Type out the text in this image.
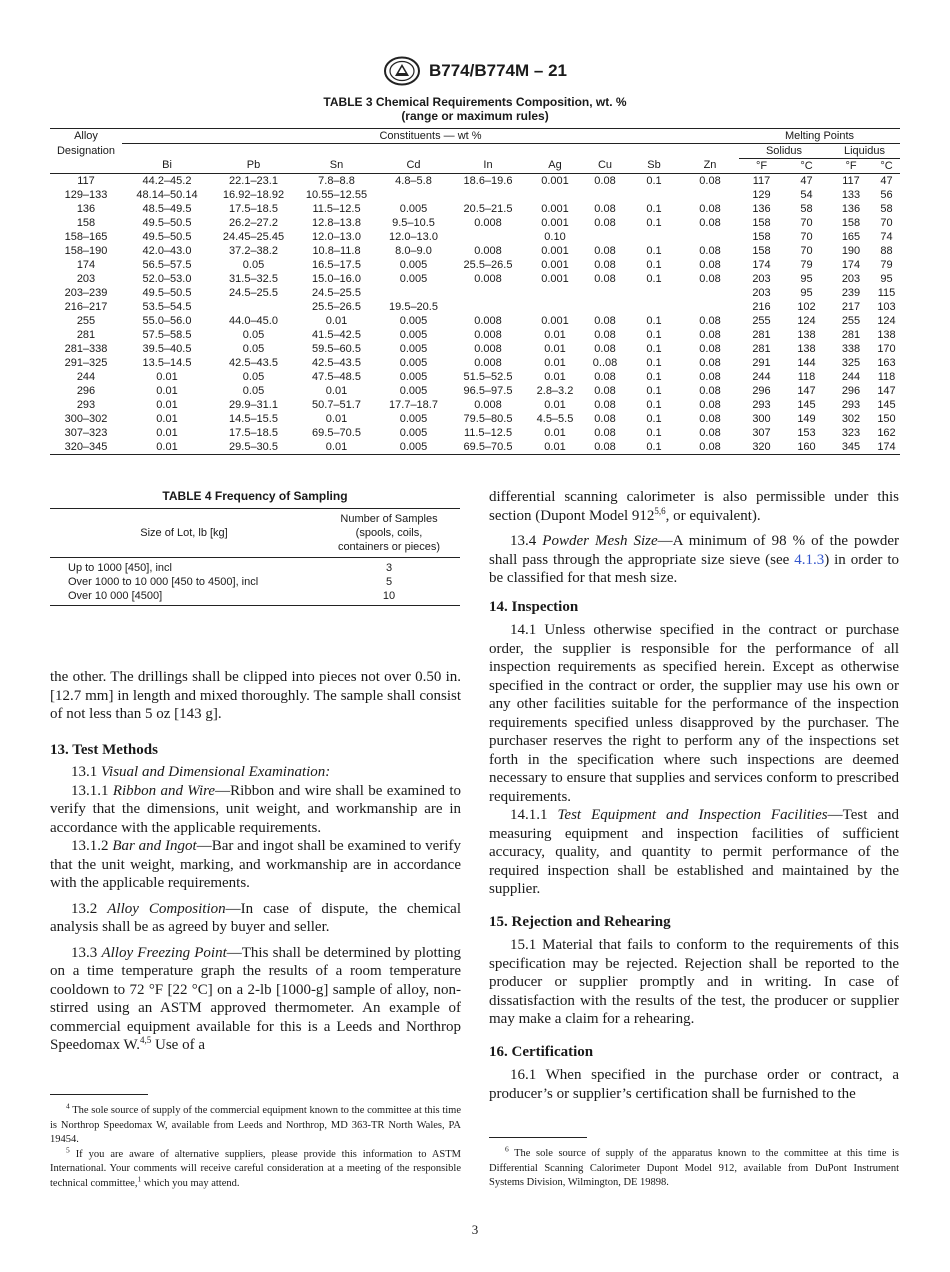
B774/B774M – 21
TABLE 3 Chemical Requirements Composition, wt. %
(range or maximum rules)
Alloy	Constituents — wt %									Melting Points			
Designation										Solidus		Liquidus	
	Bi	Pb	Sn	Cd	In	Ag	Cu	Sb	Zn	°F	°C	°F	°C
117	44.2–45.2	22.1–23.1	7.8–8.8	4.8–5.8	18.6–19.6	0.001	0.08	0.1	0.08	117	47	117	47
129–133	48.14–50.14	16.92–18.92	10.55–12.55							129	54	133	56
136	48.5–49.5	17.5–18.5	11.5–12.5	0.005	20.5–21.5	0.001	0.08	0.1	0.08	136	58	136	58
158	49.5–50.5	26.2–27.2	12.8–13.8	9.5–10.5	0.008	0.001	0.08	0.1	0.08	158	70	158	70
158–165	49.5–50.5	24.45–25.45	12.0–13.0	12.0–13.0		0.10				158	70	165	74
158–190	42.0–43.0	37.2–38.2	10.8–11.8	8.0–9.0	0.008	0.001	0.08	0.1	0.08	158	70	190	88
174	56.5–57.5	0.05	16.5–17.5	0.005	25.5–26.5	0.001	0.08	0.1	0.08	174	79	174	79
203	52.0–53.0	31.5–32.5	15.0–16.0	0.005	0.008	0.001	0.08	0.1	0.08	203	95	203	95
203–239	49.5–50.5	24.5–25.5	24.5–25.5							203	95	239	115
216–217	53.5–54.5		25.5–26.5	19.5–20.5						216	102	217	103
255	55.0–56.0	44.0–45.0	0.01	0.005	0.008	0.001	0.08	0.1	0.08	255	124	255	124
281	57.5–58.5	0.05	41.5–42.5	0.005	0.008	0.01	0.08	0.1	0.08	281	138	281	138
281–338	39.5–40.5	0.05	59.5–60.5	0.005	0.008	0.01	0.08	0.1	0.08	281	138	338	170
291–325	13.5–14.5	42.5–43.5	42.5–43.5	0.005	0.008	0.01	0..08	0.1	0.08	291	144	325	163
244	0.01	0.05	47.5–48.5	0.005	51.5–52.5	0.01	0.08	0.1	0.08	244	118	244	118
296	0.01	0.05	0.01	0.005	96.5–97.5	2.8–3.2	0.08	0.1	0.08	296	147	296	147
293	0.01	29.9–31.1	50.7–51.7	17.7–18.7	0.008	0.01	0.08	0.1	0.08	293	145	293	145
300–302	0.01	14.5–15.5	0.01	0.005	79.5–80.5	4.5–5.5	0.08	0.1	0.08	300	149	302	150
307–323	0.01	17.5–18.5	69.5–70.5	0.005	11.5–12.5	0.01	0.08	0.1	0.08	307	153	323	162
320–345	0.01	29.5–30.5	0.01	0.005	69.5–70.5	0.01	0.08	0.1	0.08	320	160	345	174
TABLE 4 Frequency of Sampling
Size of Lot, lb [kg]	Number of Samples
(spools, coils,
containers or pieces)

Up to 1000 [450], incl	3
Over 1000 to 10 000 [450 to 4500], incl	5
Over 10 000 [4500]	10

the other. The drillings shall be clipped into pieces not over 0.50 in. [12.7 mm] in length and mixed thoroughly. The sample shall consist of not less than 5 oz [143 g].

13. Test Methods

13.1 Visual and Dimensional Examination:

13.1.1 Ribbon and Wire—Ribbon and wire shall be examined to verify that the dimensions, unit weight, and workmanship are in accordance with the applicable requirements.

13.1.2 Bar and Ingot—Bar and ingot shall be examined to verify that the unit weight, marking, and workmanship are in accordance with the applicable requirements.

13.2 Alloy Composition—In case of dispute, the chemical analysis shall be as agreed by buyer and seller.

13.3 Alloy Freezing Point—This shall be determined by plotting on a time temperature graph the results of a room temperature cooldown to 72 °F [22 °C] on a 2-lb [1000-g] sample of alloy, non-stirred using an ASTM approved thermometer. An example of commercial equipment available for this is a Leeds and Northrop Speedomax W.$^{4,5}$ Use of a

differential scanning calorimeter is also permissible under this section (Dupont Model 912$^{5,6}$, or equivalent).

13.4 Powder Mesh Size—A minimum of 98 % of the powder shall pass through the appropriate size sieve (see 4.1.3) in order to be classified for that mesh size.

14. Inspection

14.1 Unless otherwise specified in the contract or purchase order, the supplier is responsible for the performance of all inspection requirements as specified herein. Except as otherwise specified in the contract or order, the supplier may use his own or any other facilities suitable for the performance of the inspection requirements specified unless disapproved by the purchaser. The purchaser reserves the right to perform any of the inspections set forth in the specification where such inspections are deemed necessary to ensure that supplies and services conform to prescribed requirements.

14.1.1 Test Equipment and Inspection Facilities—Test and measuring equipment and inspection facilities of sufficient accuracy, quality, and quantity to permit performance of the required inspection shall be established and maintained by the supplier.

15. Rejection and Rehearing

15.1 Material that fails to conform to the requirements of this specification may be rejected. Rejection shall be reported to the producer or supplier promptly and in writing. In case of dissatisfaction with the results of the test, the producer or supplier may make a claim for a rehearing.

16. Certification

16.1 When specified in the purchase order or contract, a producer’s or supplier’s certification shall be furnished to the

$^4$ The sole source of supply of the commercial equipment known to the committee at this time is Northrop Speedomax W, available from Leeds and Northrop, MD 363-TR North Wales, PA 19454.

$^5$ If you are aware of alternative suppliers, please provide this information to ASTM International. Your comments will receive careful consideration at a meeting of the responsible technical committee,$^1$ which you may attend.

$^6$ The sole source of supply of the apparatus known to the committee at this time is Differential Scanning Calorimeter Dupont Model 912, available from DuPont Instrument Systems Division, Wilmington, DE 19898.

3
